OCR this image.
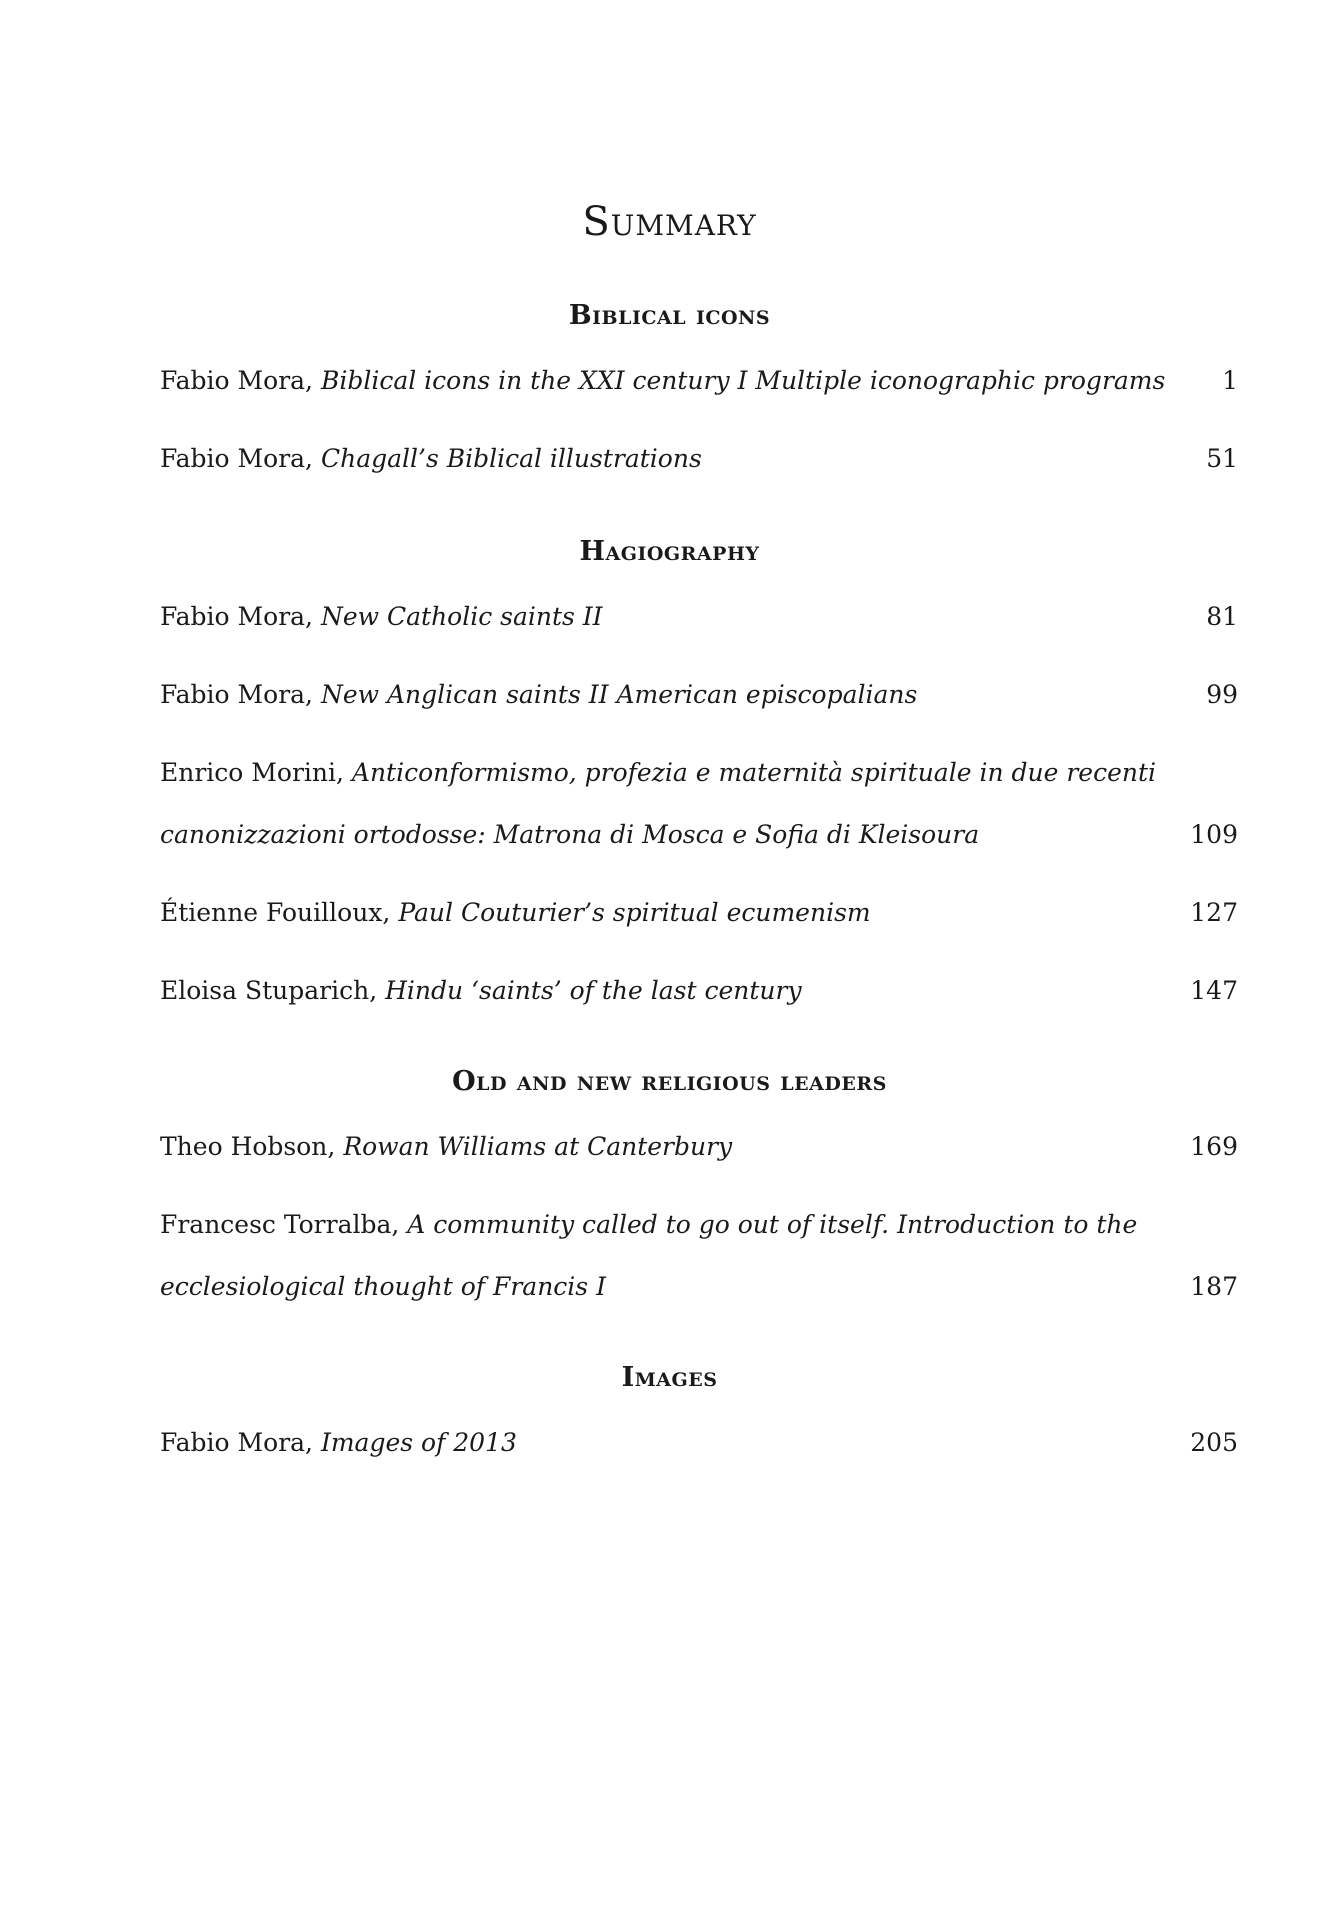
Summary
Biblical icons
Fabio Mora, Biblical icons in the XXI century I Multiple iconographic programs	1
Fabio Mora, Chagall’s Biblical illustrations	51
Hagiography
Fabio Mora, New Catholic saints II	81
Fabio Mora, New Anglican saints II American episcopalians	99
Enrico Morini, Anticonformismo, profezia e maternità spirituale in due recenti canonizzazioni ortodosse: Matrona di Mosca e Sofia di Kleisoura	109
Étienne Fouilloux, Paul Couturier’s spiritual ecumenism	127
Eloisa Stuparich, Hindu ‘saints’ of the last century	147
Old and new religious leaders
Theo Hobson, Rowan Williams at Canterbury	169
Francesc Torralba, A community called to go out of itself. Introduction to the ecclesiological thought of Francis I	187
Images
Fabio Mora, Images of 2013	205
